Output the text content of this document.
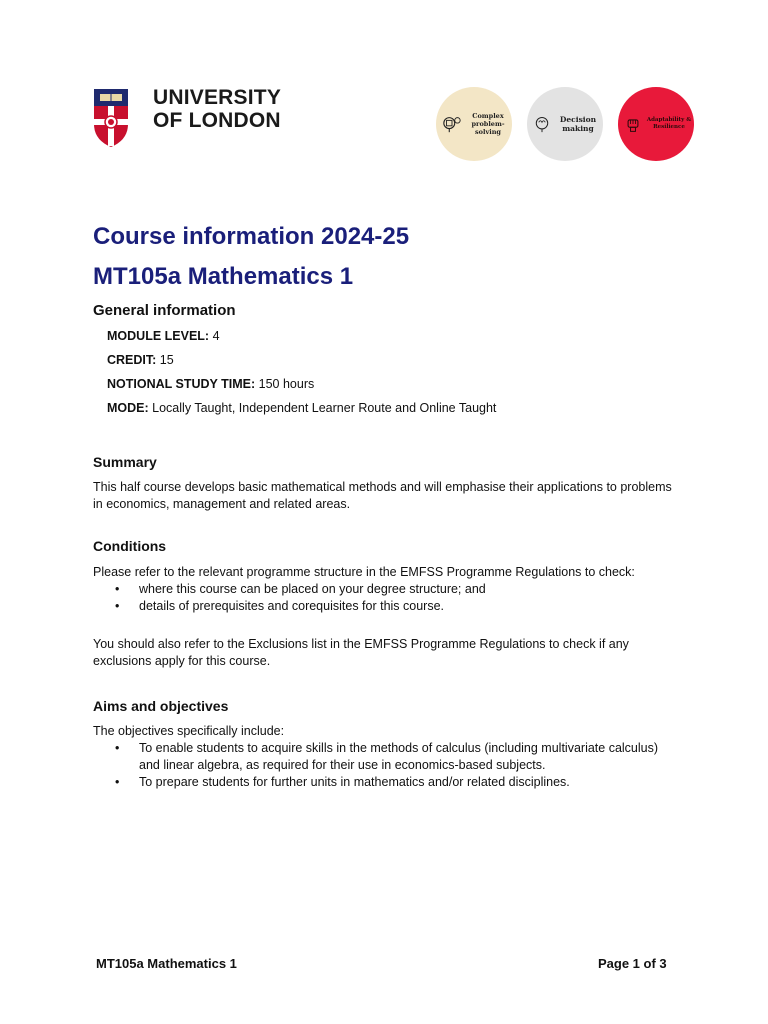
UNIVERSITY
OF LONDON	Complex problem-solving
Decision making
Adaptability & Resilience
Course information 2024-25
MT105a Mathematics 1
General information
MODULE LEVEL: 4
CREDIT: 15
NOTIONAL STUDY TIME: 150 hours
MODE: Locally Taught, Independent Learner Route and Online Taught
Summary

This half course develops basic mathematical methods and will emphasise their applications to problems in economics, management and related areas.

Conditions

Please refer to the relevant programme structure in the EMFSS Programme Regulations to check:

• where this course can be placed on your degree structure; and
• details of prerequisites and corequisites for this course.

You should also refer to the Exclusions list in the EMFSS Programme Regulations to check if any exclusions apply for this course.

Aims and objectives

The objectives specifically include:

• To enable students to acquire skills in the methods of calculus (including multivariate calculus) and linear algebra, as required for their use in economics-based subjects.
• To prepare students for further units in mathematics and/or related disciplines.
MT105a Mathematics 1	Page 1 of 3
